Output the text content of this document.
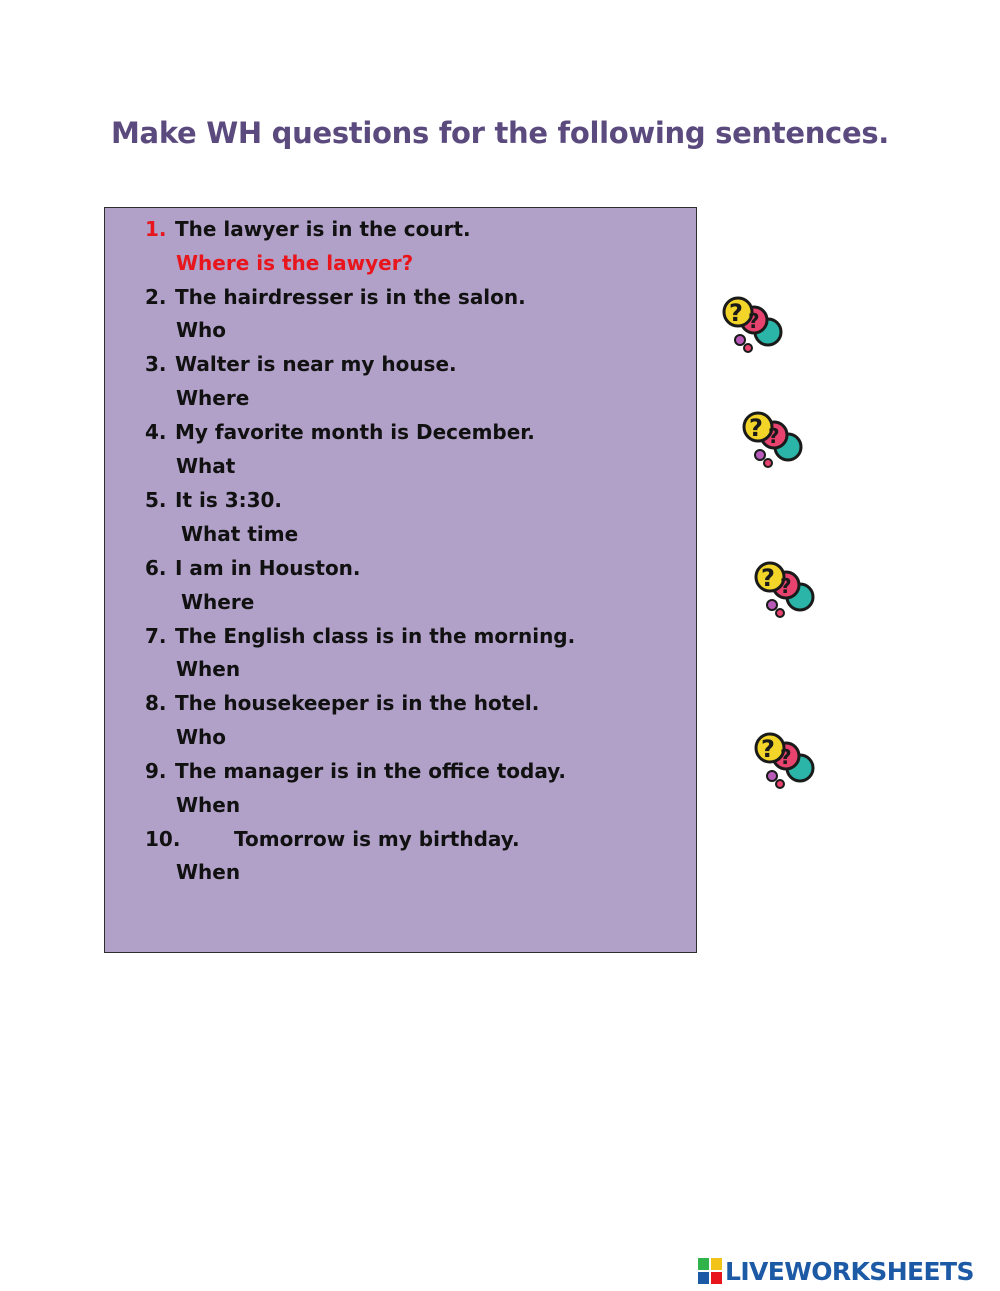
Make WH questions for the following sentences.
1. The lawyer is in the court.
Where is the lawyer?
2. The hairdresser is in the salon.
Who
3. Walter is near my house.
Where
4. My favorite month is December.
What
5. It is 3:30.
What time
6. I am in Houston.
Where
7. The English class is in the morning.
When
8. The housekeeper is in the hotel.
Who
9. The manager is in the office today.
When
10.	Tomorrow is my birthday.
When
? ?
? ?
? ?
? ?
LIVEWORKSHEETS
